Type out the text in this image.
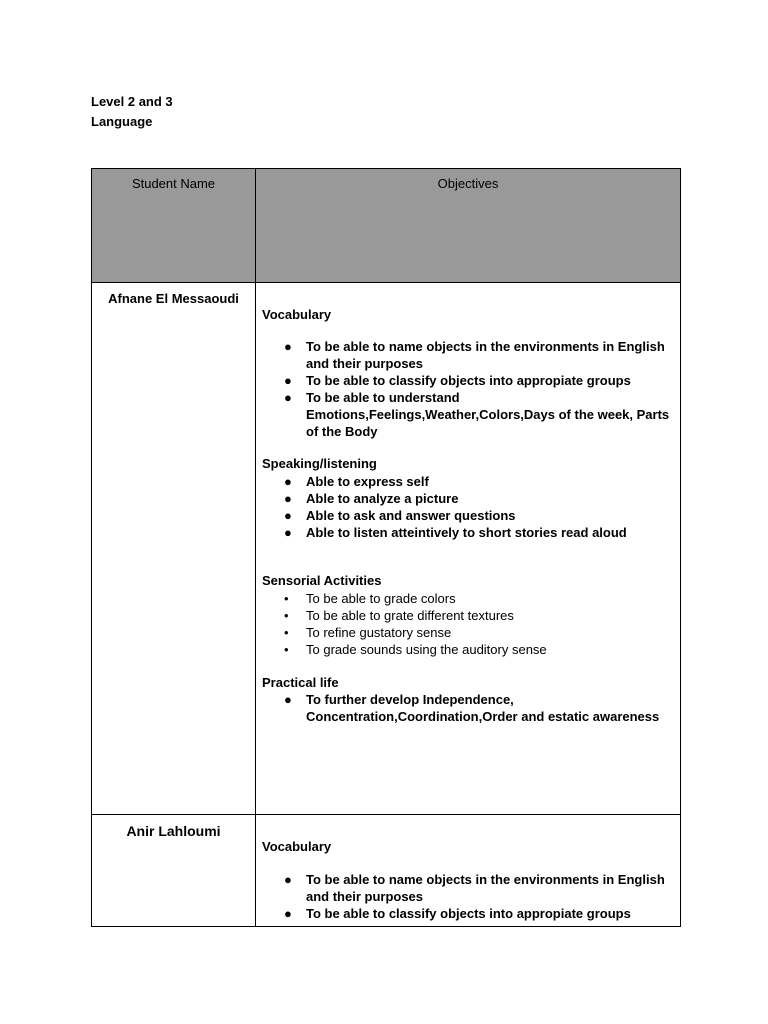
Level 2 and 3
Language
Student Name	Objectives
Afnane El Messaoudi
Vocabulary
● To be able to name objects in the environments in English and their purposes
● To be able to classify objects into appropiate groups
● To be able to understand Emotions,Feelings,Weather,Colors,Days of the week, Parts of the Body
Speaking/listening
● Able to express self
● Able to analyze a picture
● Able to ask and answer questions
● Able to listen atteintively to short stories read aloud
Sensorial Activities
• To be able to grade colors
• To be able to grate different textures
• To refine gustatory sense
• To grade sounds using the auditory sense
Practical life
● To further develop Independence, Concentration,Coordination,Order and estatic awareness
Anir Lahloumi
Vocabulary
● To be able to name objects in the environments in English and their purposes
● To be able to classify objects into appropiate groups
